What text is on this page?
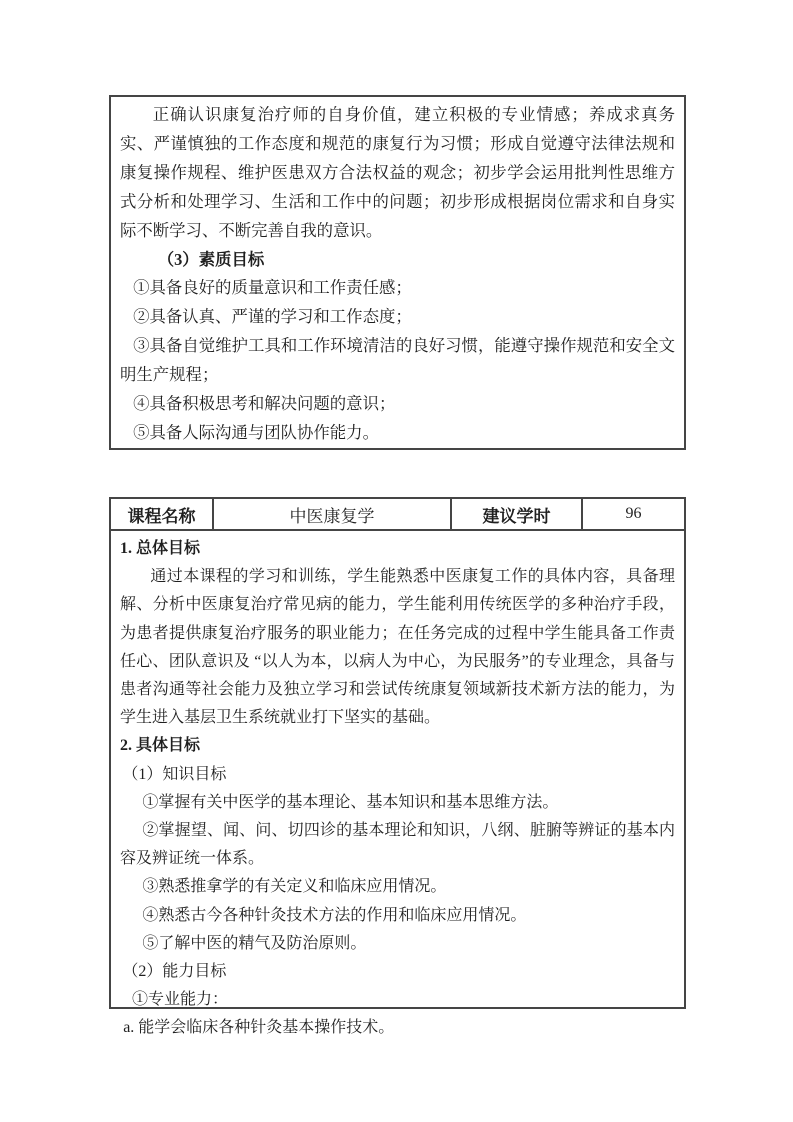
正确认识康复治疗师的自身价值，建立积极的专业情感；养成求真务实、严谨慎独的工作态度和规范的康复行为习惯；形成自觉遵守法律法规和康复操作规程、维护医患双方合法权益的观念；初步学会运用批判性思维方式分析和处理学习、生活和工作中的问题；初步形成根据岗位需求和自身实际不断学习、不断完善自我的意识。

（3）素质目标

①具备良好的质量意识和工作责任感；

②具备认真、严谨的学习和工作态度；

③具备自觉维护工具和工作环境清洁的良好习惯，能遵守操作规范和安全文明生产规程；

④具备积极思考和解决问题的意识；

⑤具备人际沟通与团队协作能力。

课程名称	中医康复学	建议学时	96

1. 总体目标

通过本课程的学习和训练，学生能熟悉中医康复工作的具体内容，具备理解、分析中医康复治疗常见病的能力，学生能利用传统医学的多种治疗手段，为患者提供康复治疗服务的职业能力；在任务完成的过程中学生能具备工作责任心、团队意识及 “以人为本，以病人为中心，为民服务”的专业理念，具备与患者沟通等社会能力及独立学习和尝试传统康复领域新技术新方法的能力，为学生进入基层卫生系统就业打下坚实的基础。

2. 具体目标

（1）知识目标

①掌握有关中医学的基本理论、基本知识和基本思维方法。

②掌握望、闻、问、切四诊的基本理论和知识，八纲、脏腑等辨证的基本内容及辨证统一体系。

③熟悉推拿学的有关定义和临床应用情况。

④熟悉古今各种针灸技术方法的作用和临床应用情况。

⑤了解中医的精气及防治原则。

（2）能力目标

①专业能力：

a. 能学会临床各种针灸基本操作技术。
